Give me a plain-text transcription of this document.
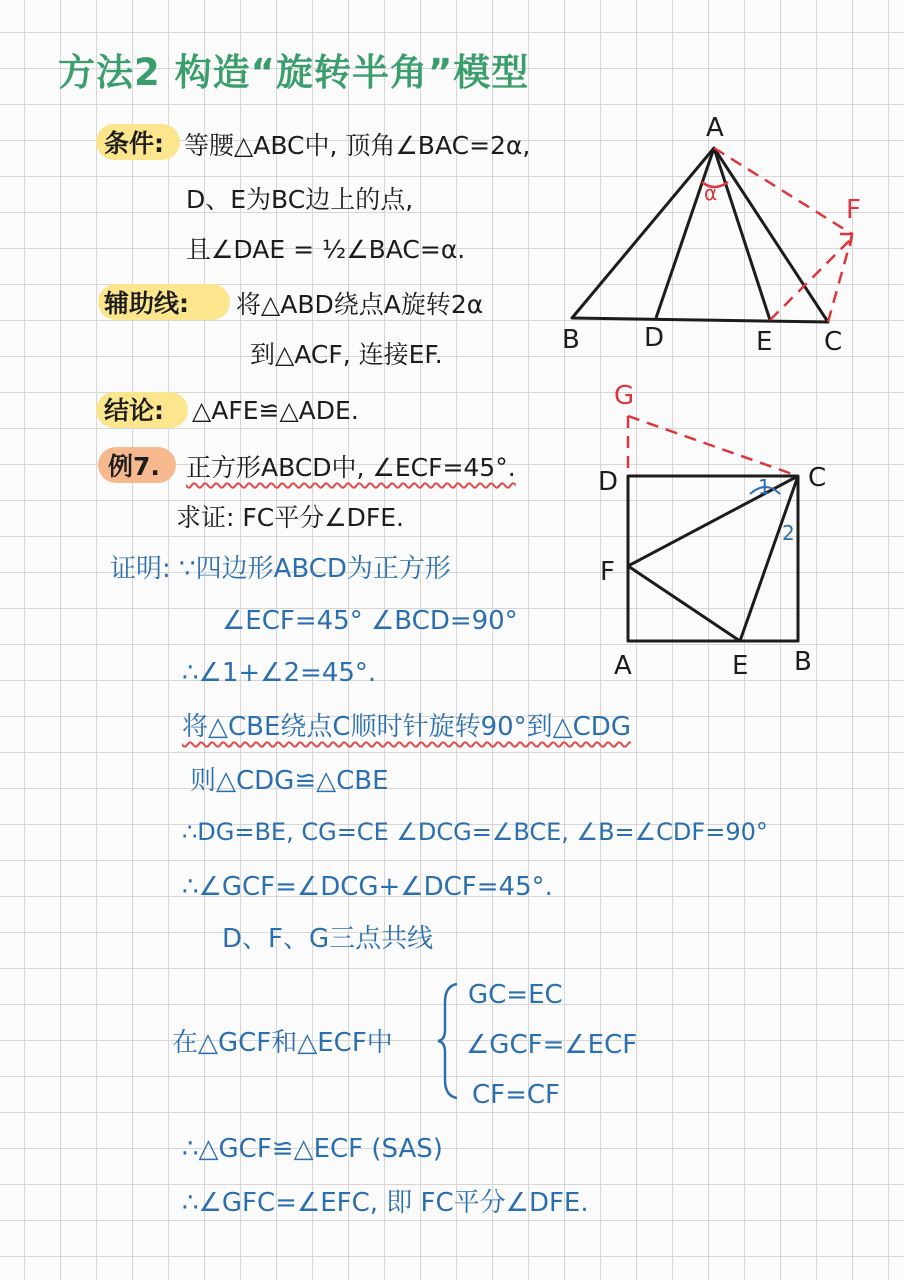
方法2 构造“旋转半角”模型
条件: 等腰△ABC中, 顶角∠BAC=2α,
D、E为BC边上的点,
且∠DAE = ½∠BAC=α.
辅助线: 将△ABD绕点A旋转2α
到△ACF, 连接EF.
结论: △AFE≌△ADE.
例7. 正方形ABCD中, ∠ECF=45°.
求证: FC平分∠DFE.
证明: ∵四边形ABCD为正方形
∠ECF=45° ∠BCD=90°
∴∠1+∠2=45°.
将△CBE绕点C顺时针旋转90°到△CDG
则△CDG≌△CBE
∴DG=BE, CG=CE ∠DCG=∠BCE, ∠B=∠CDF=90°
∴∠GCF=∠DCG+∠DCF=45°.
D、F、G三点共线
在△GCF和△ECF中
GC=EC
∠GCF=∠ECF
CF=CF
∴△GCF≌△ECF (SAS)
∴∠GFC=∠EFC, 即 FC平分∠DFE.
A
B D	E C
F
α
G
D	C
F
A	E B
1
2
